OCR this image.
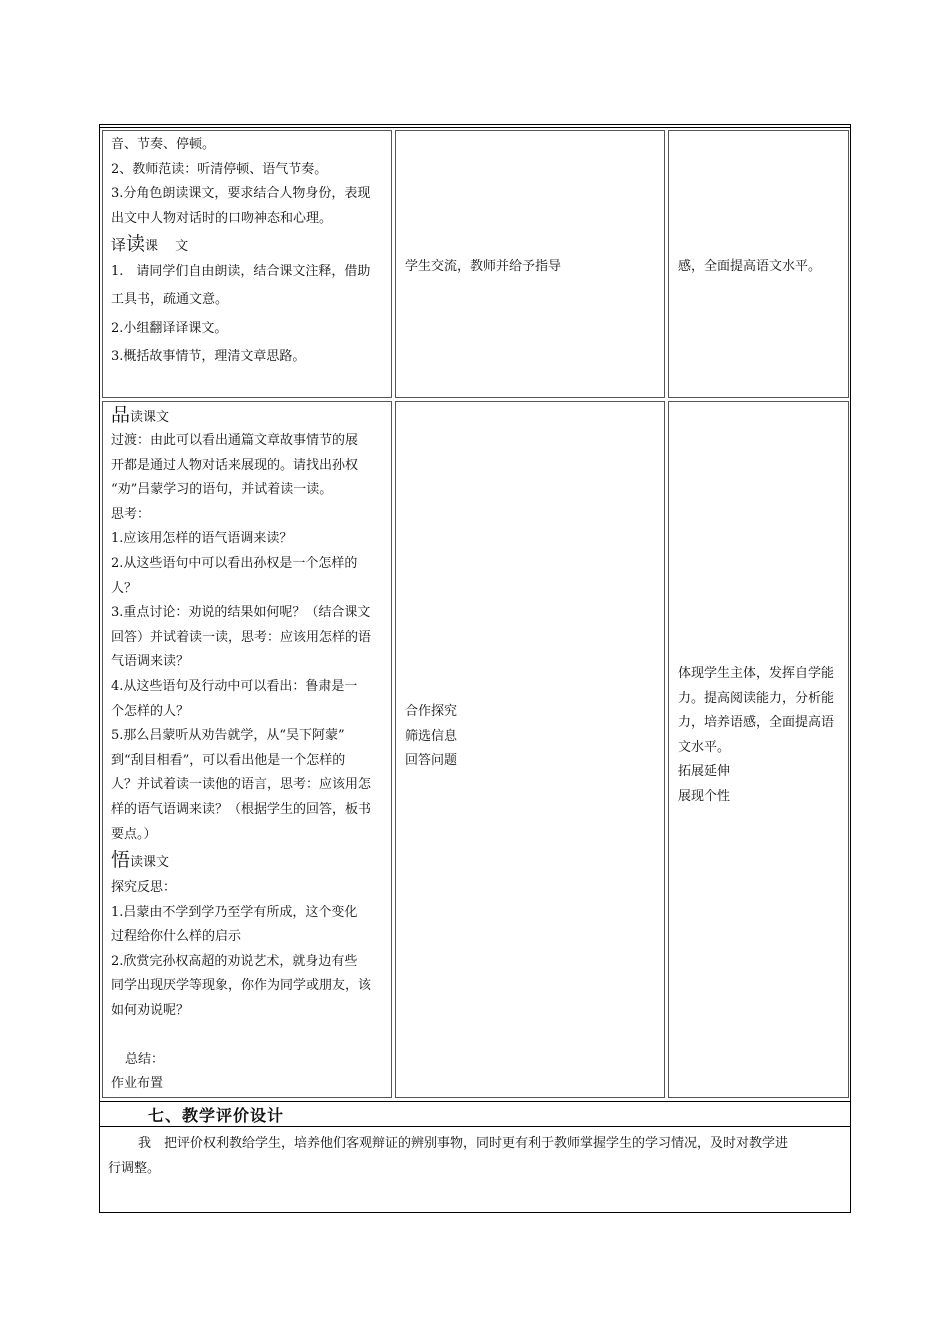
音、节奏、停顿。
2、教师范读：听清停顿、语气节奏。
3.分角色朗读课文，要求结合人物身份，表现
出文中人物对话时的口吻神态和心理。
译读课　 文
1.　请同学们自由朗读，结合课文注释，借助
工具书，疏通文意。
2.小组翻译译课文。
3.概括故事情节，理清文章思路。
学生交流，教师并给予指导	感，全面提高语文水平。
品读课文
过渡：由此可以看出通篇文章故事情节的展
开都是通过人物对话来展现的。请找出孙权
“劝”吕蒙学习的语句，并试着读一读。
思考：
1.应该用怎样的语气语调来读？
2.从这些语句中可以看出孙权是一个怎样的
人？
3.重点讨论：劝说的结果如何呢？（结合课文
回答）并试着读一读，思考：应该用怎样的语
气语调来读？
4.从这些语句及行动中可以看出：鲁肃是一
个怎样的人？
5.那么吕蒙听从劝告就学，从“吴下阿蒙”
到“刮目相看”，可以看出他是一个怎样的
人？并试着读一读他的语言，思考：应该用怎
样的语气语调来读？（根据学生的回答，板书
要点。）
悟读课文
探究反思：
1.吕蒙由不学到学乃至学有所成，这个变化
过程给你什么样的启示
2.欣赏完孙权高超的劝说艺术，就身边有些
同学出现厌学等现象，你作为同学或朋友，该
如何劝说呢？
总结：
作业布置
合作探究
筛选信息
回答问题
体现学生主体，发挥自学能
力。提高阅读能力，分析能
力，培养语感，全面提高语
文水平。
拓展延伸
展现个性
七、教学评价设计
我　把评价权利教给学生，培养他们客观辩证的辨别事物，同时更有利于教师掌握学生的学习情况，及时对教学进
行调整。
